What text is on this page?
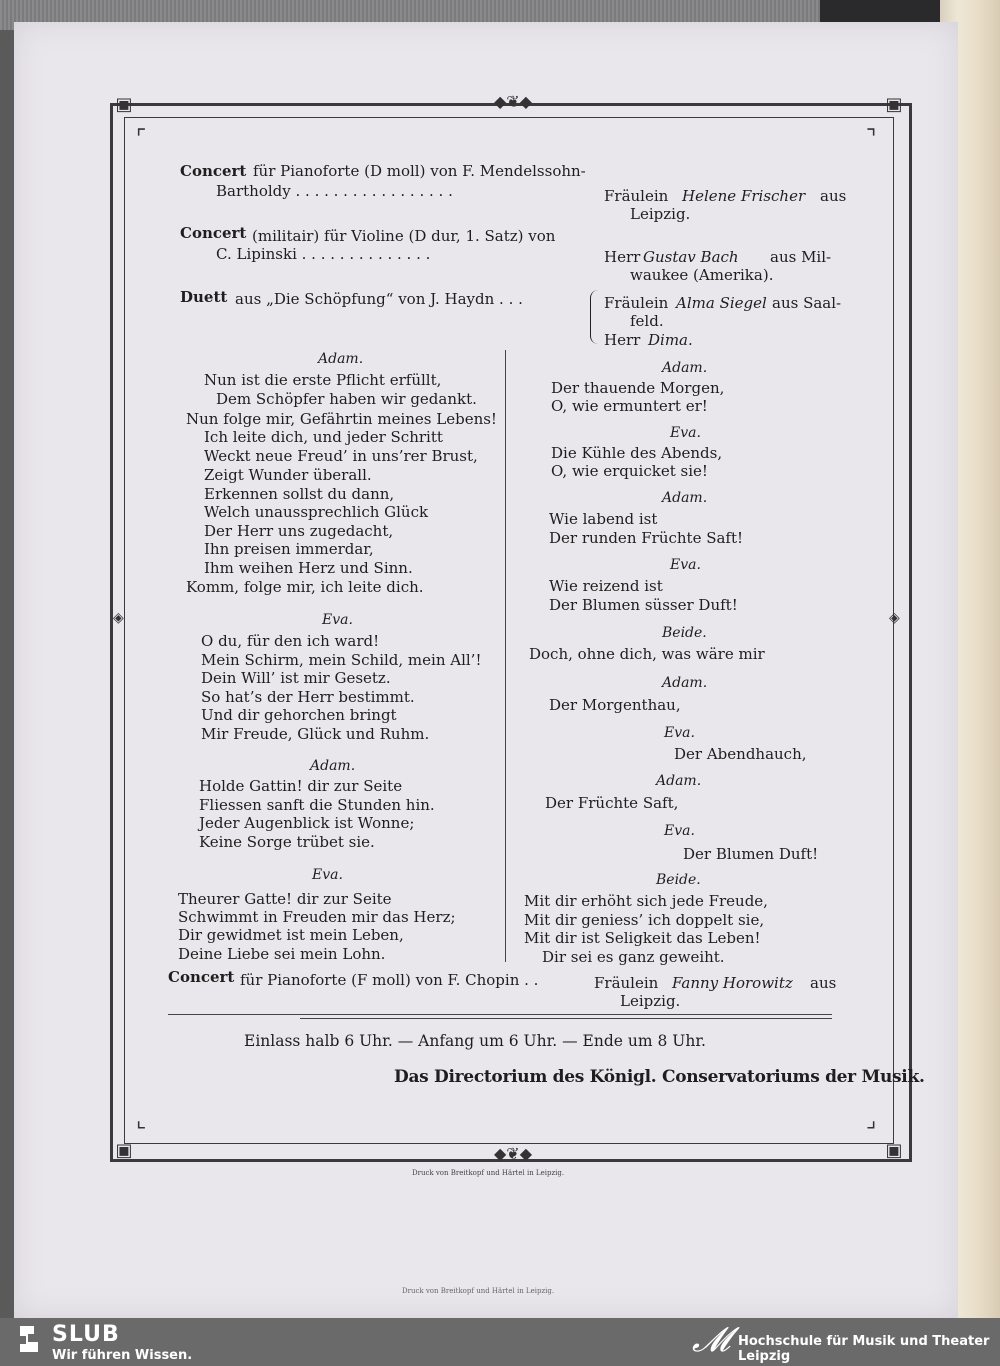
▣	▣
▣	▣
◆❦◆
◆❦◆
◈	◈
⌜	⌝
⌞	⌟
Concert für Pianoforte (D moll) von F. Mendelssohn-
Bartholdy . . . . . . . . . . . . . . . . .	Fräulein Helene Frischer aus
Leipzig.
Concert (militair) für Violine (D dur, 1. Satz) von
C. Lipinski . . . . . . . . . . . . . .	Herr Gustav Bach aus Mil-
waukee (Amerika).
Duett aus „Die Schöpfung“ von J. Haydn . . .	Fräulein Alma Siegel aus Saal-
feld.
Herr Dima.
Adam.
Nun ist die erste Pflicht erfüllt,
Dem Schöpfer haben wir gedankt.
Nun folge mir, Gefährtin meines Lebens!
Ich leite dich, und jeder Schritt
Weckt neue Freud’ in uns’rer Brust,
Zeigt Wunder überall.
Erkennen sollst du dann,
Welch unaussprechlich Glück
Der Herr uns zugedacht,
Ihn preisen immerdar,
Ihm weihen Herz und Sinn.
Komm, folge mir, ich leite dich.
Eva.
O du, für den ich ward!
Mein Schirm, mein Schild, mein All’!
Dein Will’ ist mir Gesetz.
So hat’s der Herr bestimmt.
Und dir gehorchen bringt
Mir Freude, Glück und Ruhm.
Adam.
Holde Gattin! dir zur Seite
Fliessen sanft die Stunden hin.
Jeder Augenblick ist Wonne;
Keine Sorge trübet sie.
Eva.
Theurer Gatte! dir zur Seite
Schwimmt in Freuden mir das Herz;
Dir gewidmet ist mein Leben,
Deine Liebe sei mein Lohn.
Adam.
Der thauende Morgen,
O, wie ermuntert er!
Eva.
Die Kühle des Abends,
O, wie erquicket sie!
Adam.
Wie labend ist
Der runden Früchte Saft!
Eva.
Wie reizend ist
Der Blumen süsser Duft!
Beide.
Doch, ohne dich, was wäre mir
Adam.
Der Morgenthau,
Eva.
Der Abendhauch,
Adam.
Der Früchte Saft,
Eva.
Der Blumen Duft!
Beide.
Mit dir erhöht sich jede Freude,
Mit dir geniess’ ich doppelt sie,
Mit dir ist Seligkeit das Leben!
Dir sei es ganz geweiht.
Concert für Pianoforte (F moll) von F. Chopin . .	Fräulein Fanny Horowitz aus
Leipzig.
Einlass halb 6 Uhr. — Anfang um 6 Uhr. — Ende um 8 Uhr.
Das Directorium des Königl. Conservatoriums der Musik.
Druck von Breitkopf und Härtel in Leipzig.
Druck von Breitkopf und Härtel in Leipzig.
SLUB
Wir führen Wissen.	𝓜 Hochschule für Musik und Theater Leipzig
